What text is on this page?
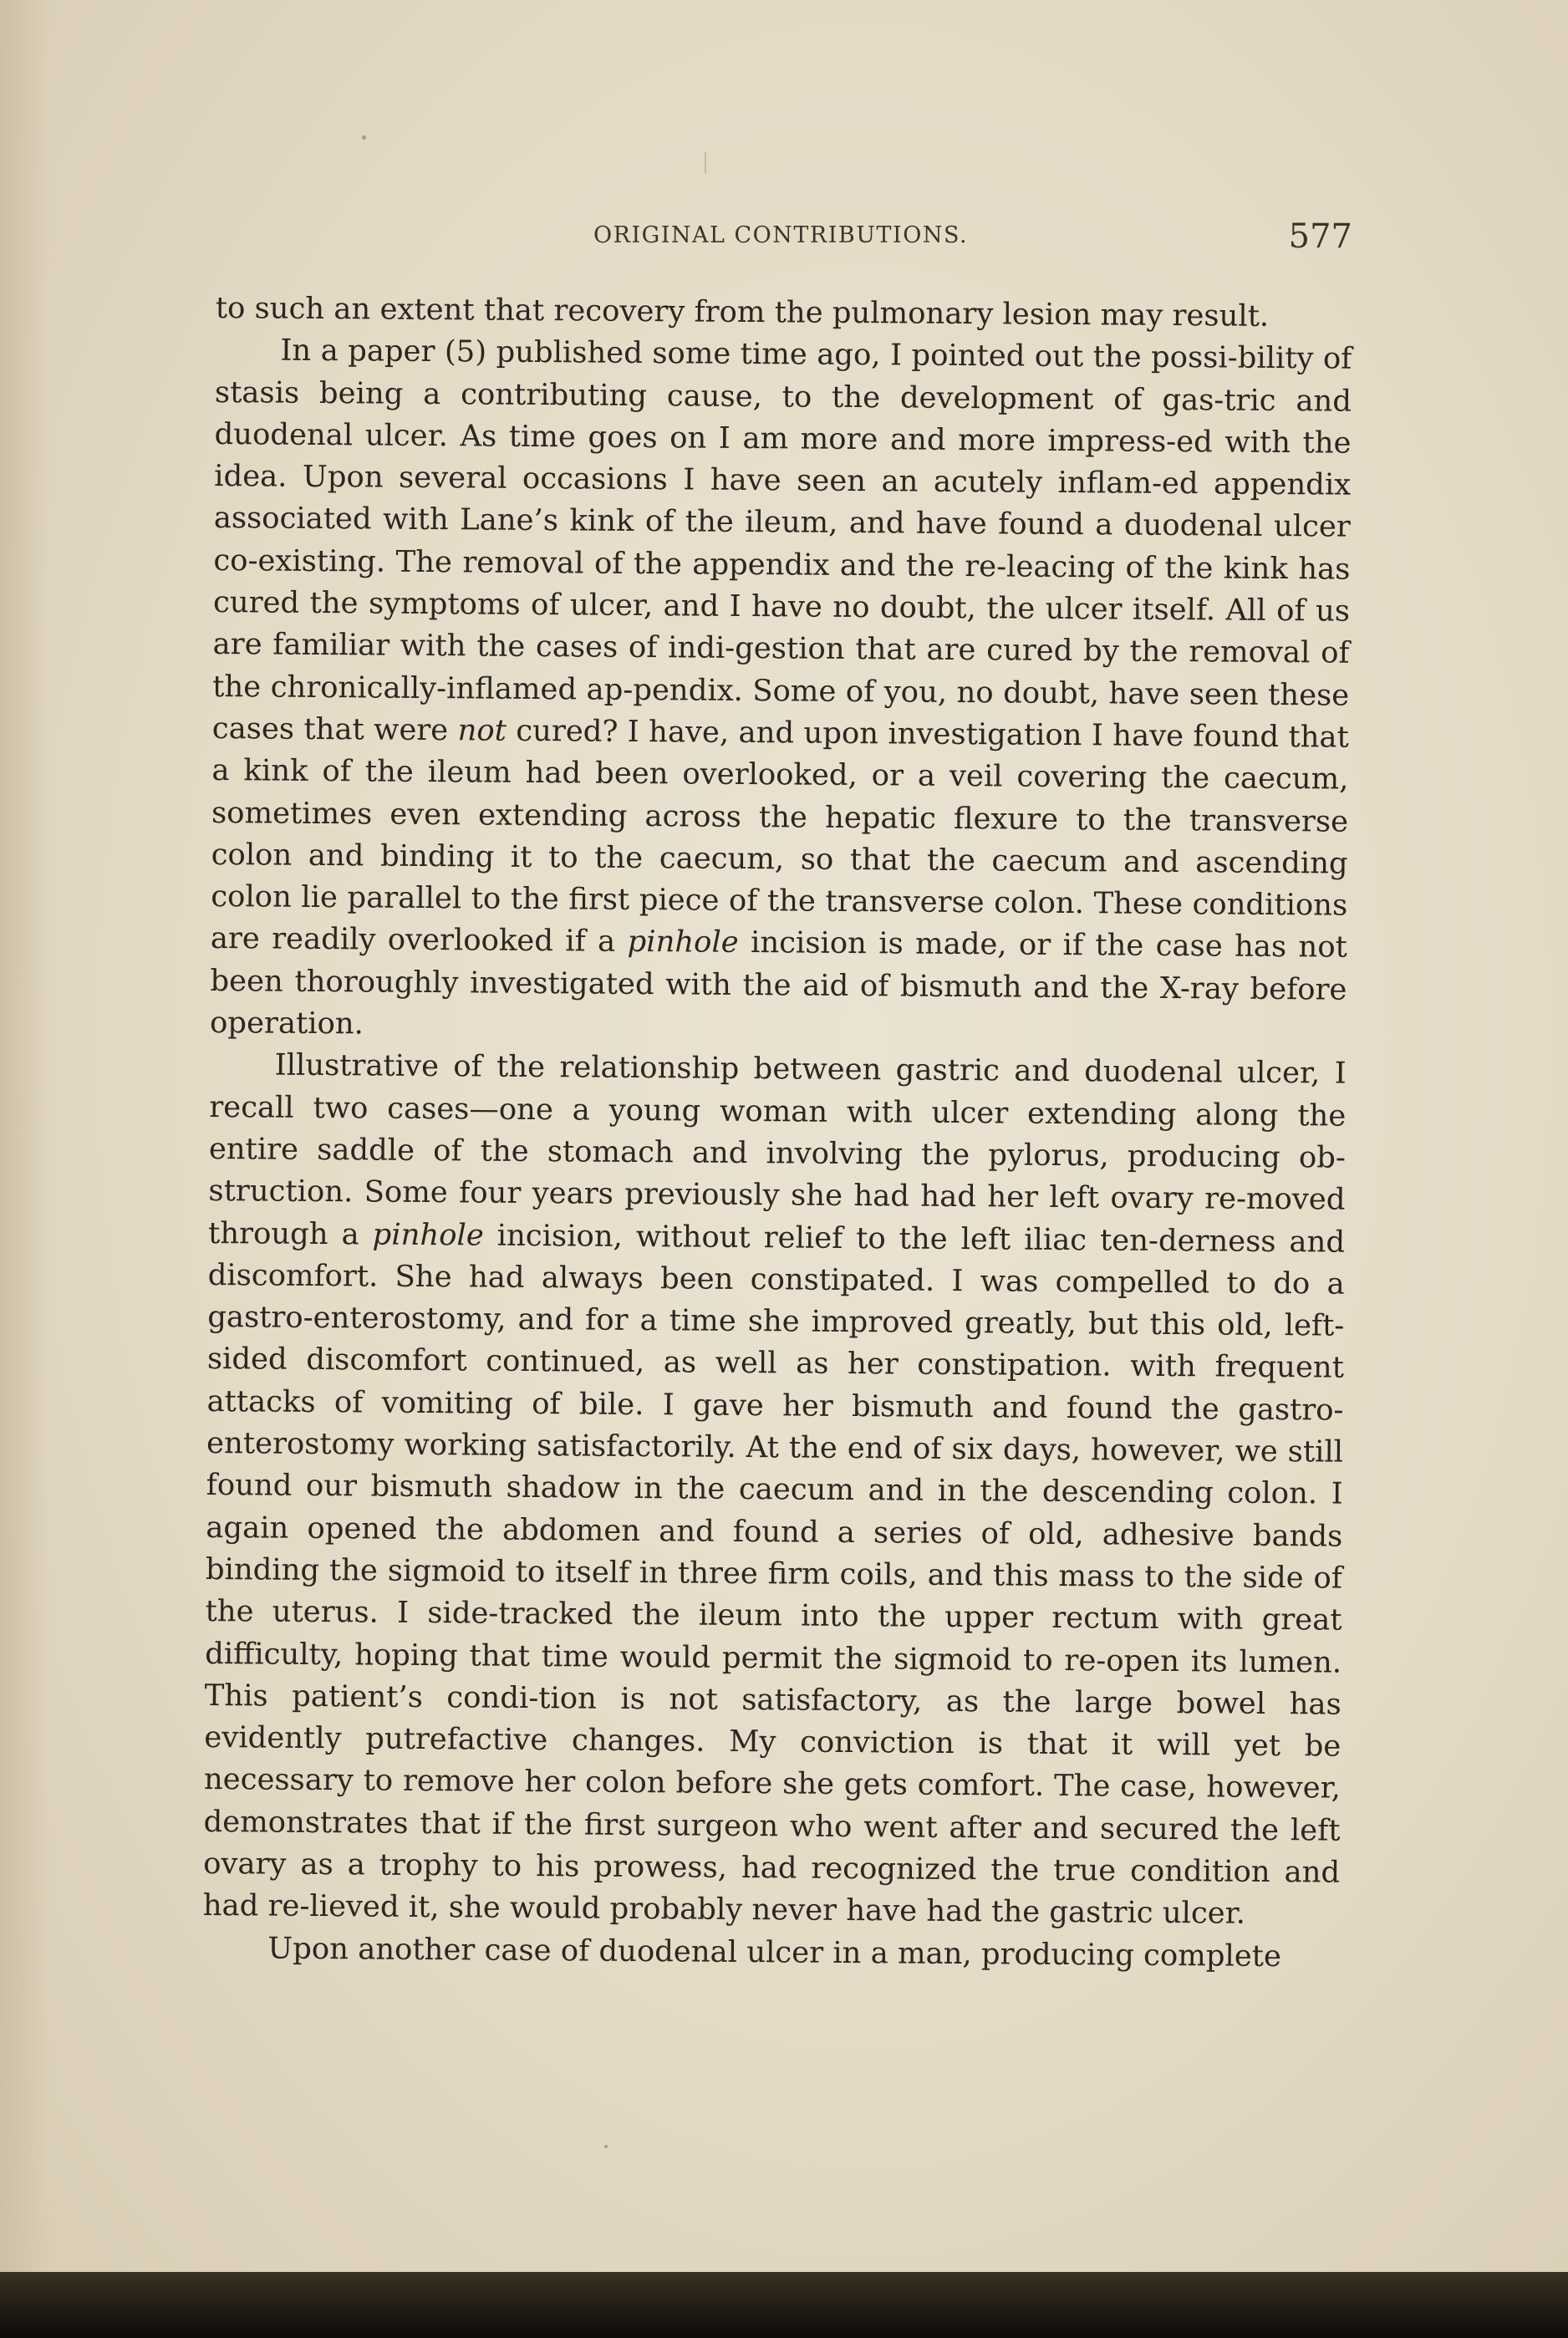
ORIGINAL CONTRIBUTIONS.	577

to such an extent that recovery from the pulmonary lesion may result.

In a paper (5) published some time ago, I pointed out the possi-bility of stasis being a contributing cause, to the development of gas-tric and duodenal ulcer. As time goes on I am more and more impress-ed with the idea. Upon several occasions I have seen an acutely inflam-ed appendix associated with Lane’s kink of the ileum, and have found a duodenal ulcer co-existing. The removal of the appendix and the re-leacing of the kink has cured the symptoms of ulcer, and I have no doubt, the ulcer itself. All of us are familiar with the cases of indi-gestion that are cured by the removal of the chronically-inflamed ap-pendix. Some of you, no doubt, have seen these cases that were not cured? I have, and upon investigation I have found that a kink of the ileum had been overlooked, or a veil covering the caecum, sometimes even extending across the hepatic flexure to the transverse colon and binding it to the caecum, so that the caecum and ascending colon lie parallel to the first piece of the transverse colon. These conditions are readily overlooked if a pinhole incision is made, or if the case has not been thoroughly investigated with the aid of bismuth and the X-ray before operation.

Illustrative of the relationship between gastric and duodenal ulcer, I recall two cases—one a young woman with ulcer extending along the entire saddle of the stomach and involving the pylorus, producing ob-struction. Some four years previously she had had her left ovary re-moved through a pinhole incision, without relief to the left iliac ten-derness and discomfort. She had always been constipated. I was compelled to do a gastro-enterostomy, and for a time she improved greatly, but this old, left-sided discomfort continued, as well as her constipation. with frequent attacks of vomiting of bile. I gave her bismuth and found the gastro-enterostomy working satisfactorily. At the end of six days, however, we still found our bismuth shadow in the caecum and in the descending colon. I again opened the abdomen and found a series of old, adhesive bands binding the sigmoid to itself in three firm coils, and this mass to the side of the uterus. I side-tracked the ileum into the upper rectum with great difficulty, hoping that time would permit the sigmoid to re-open its lumen. This patient’s condi-tion is not satisfactory, as the large bowel has evidently putrefactive changes. My conviction is that it will yet be necessary to remove her colon before she gets comfort. The case, however, demonstrates that if the first surgeon who went after and secured the left ovary as a trophy to his prowess, had recognized the true condition and had re-lieved it, she would probably never have had the gastric ulcer.

Upon another case of duodenal ulcer in a man, producing complete
